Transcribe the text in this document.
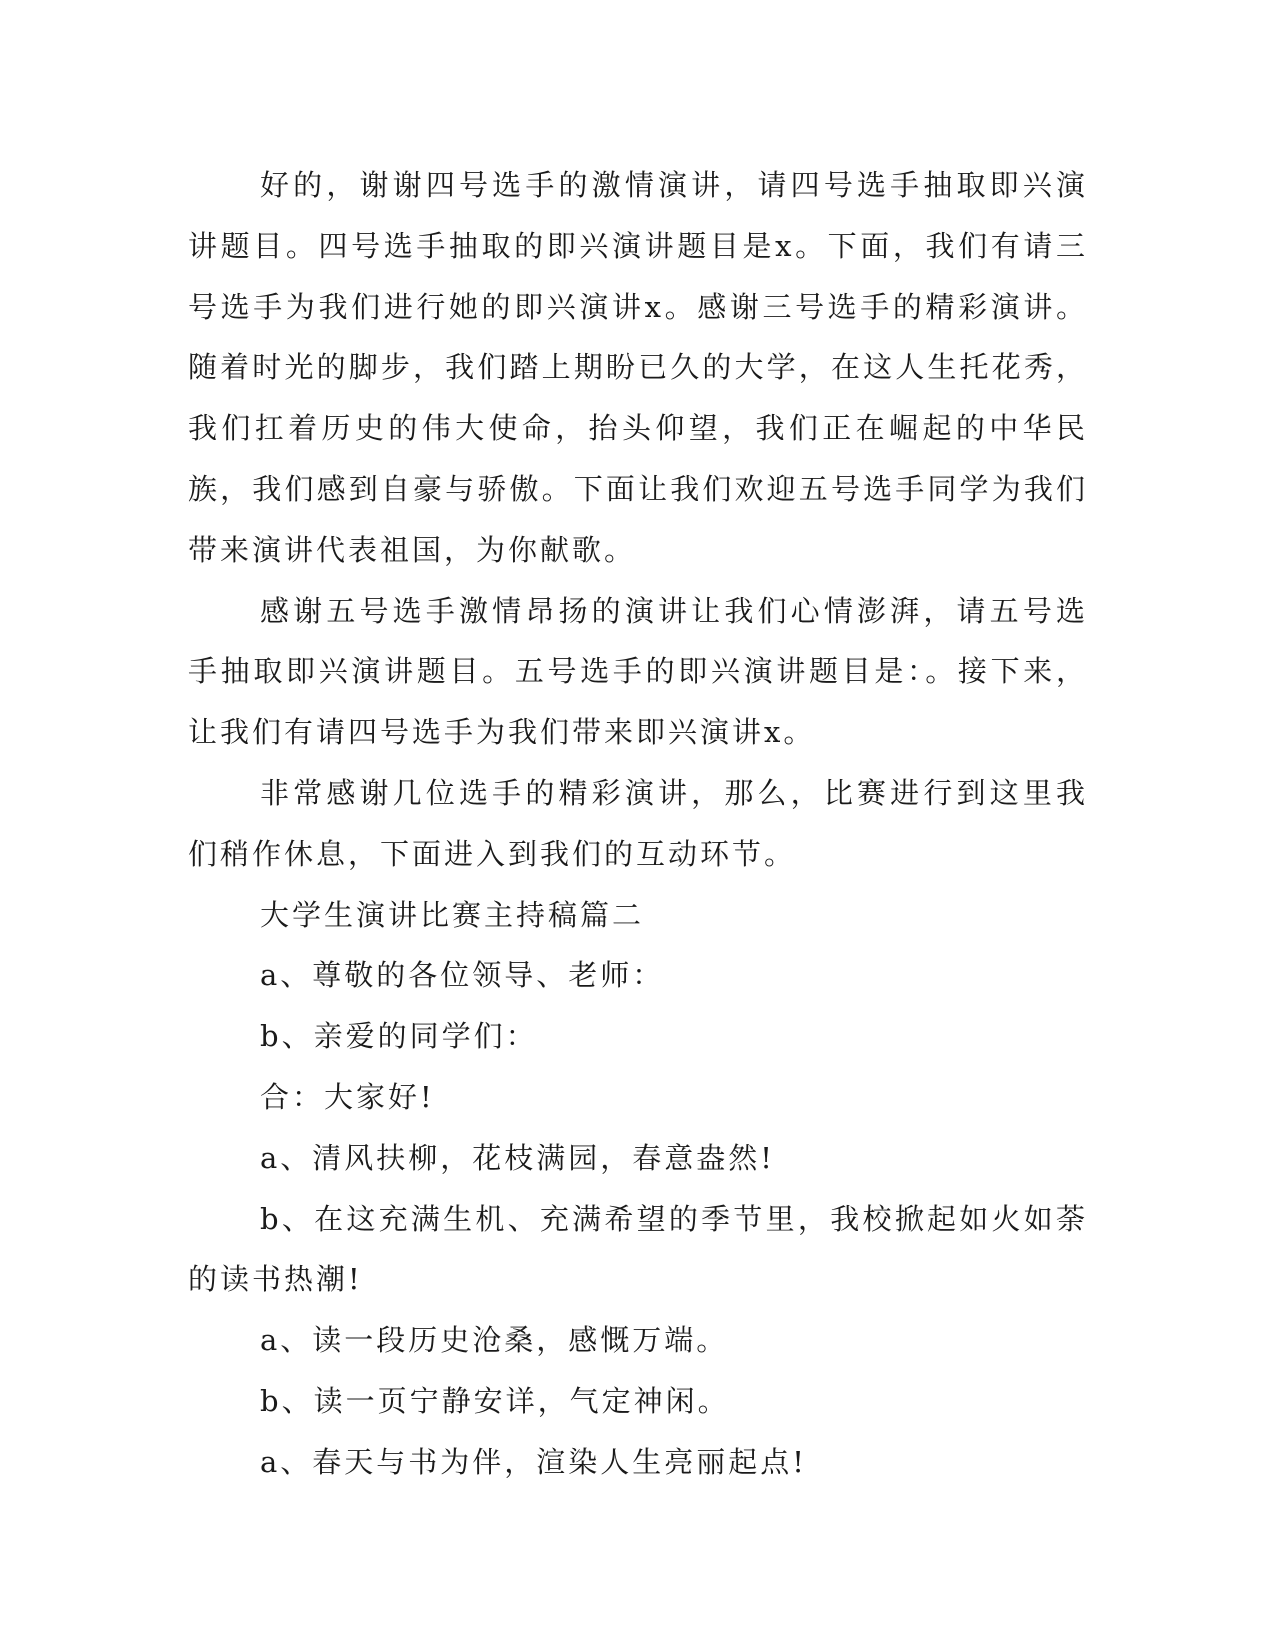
好的，谢谢四号选手的激情演讲，请四号选手抽取即兴演讲题目。四号选手抽取的即兴演讲题目是x。下面，我们有请三号选手为我们进行她的即兴演讲x。感谢三号选手的精彩演讲。随着时光的脚步，我们踏上期盼已久的大学，在这人生托花秀，我们扛着历史的伟大使命，抬头仰望，我们正在崛起的中华民族，我们感到自豪与骄傲。下面让我们欢迎五号选手同学为我们带来演讲代表祖国，为你献歌。

感谢五号选手激情昂扬的演讲让我们心情澎湃，请五号选手抽取即兴演讲题目。五号选手的即兴演讲题目是：。接下来，让我们有请四号选手为我们带来即兴演讲x。

非常感谢几位选手的精彩演讲，那么，比赛进行到这里我们稍作休息，下面进入到我们的互动环节。

大学生演讲比赛主持稿篇二

a、尊敬的各位领导、老师：

b、亲爱的同学们：

合：大家好!

a、清风扶柳，花枝满园，春意盎然!

b、在这充满生机、充满希望的季节里，我校掀起如火如荼的读书热潮!

a、读一段历史沧桑，感慨万端。

b、读一页宁静安详，气定神闲。

a、春天与书为伴，渲染人生亮丽起点!
